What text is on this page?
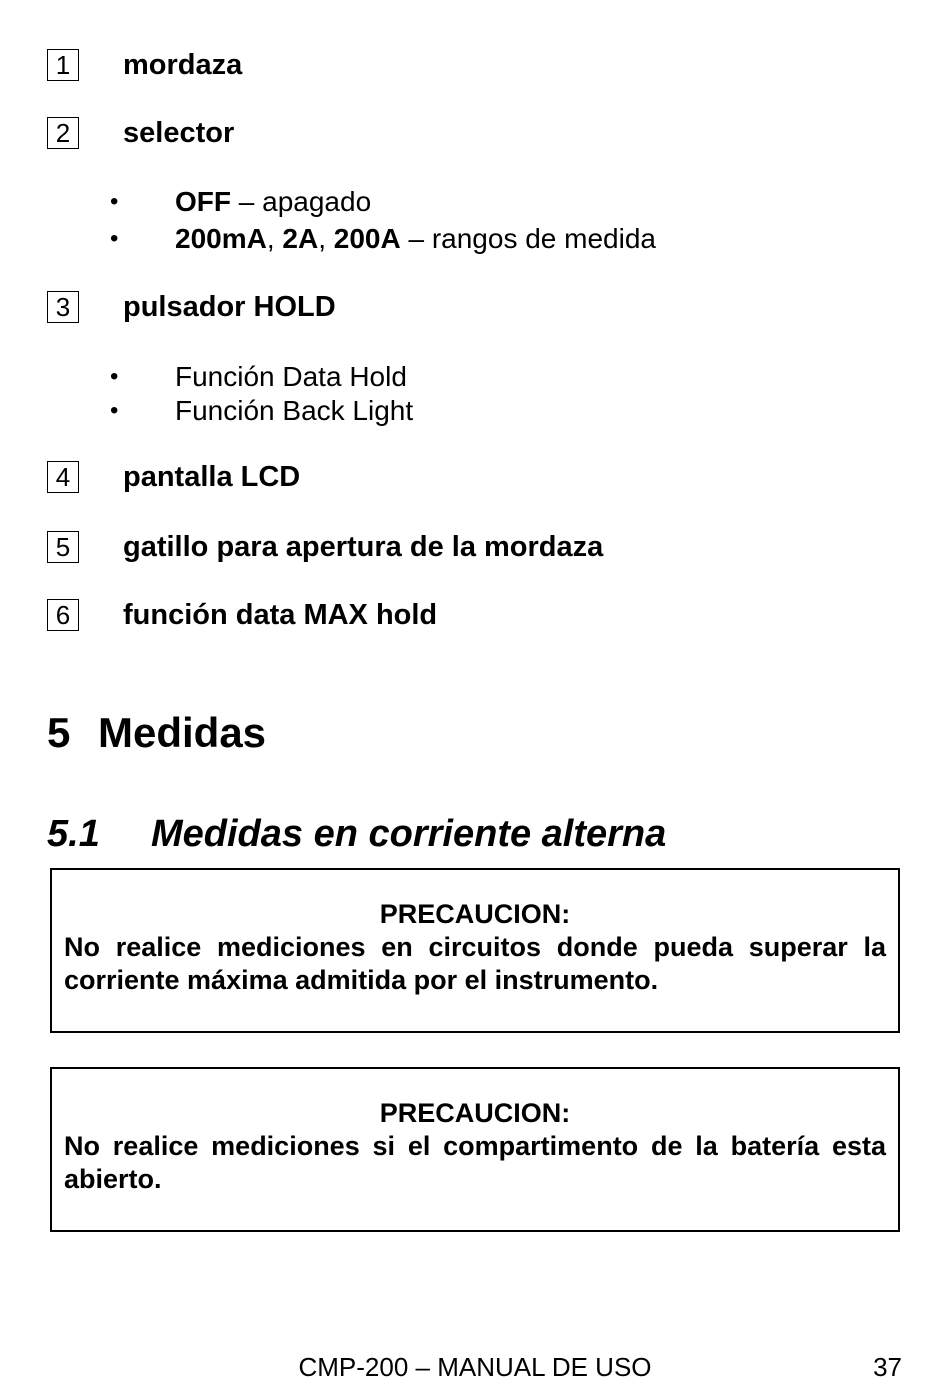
1	mordaza
2	selector
• OFF – apagado
• 200mA, 2A, 200A – rangos de medida
3	pulsador HOLD
• Función Data Hold
• Función Back Light
4	pantalla LCD
5	gatillo para apertura de la mordaza
6	función data MAX hold
5 Medidas
5.1 Medidas en corriente alterna
PRECAUCION:
No realice mediciones en circuitos donde pueda superar la corriente máxima admitida por el instrumento.
PRECAUCION:
No realice mediciones si el compartimento de la batería esta abierto.
CMP-200 – MANUAL DE USO	37
